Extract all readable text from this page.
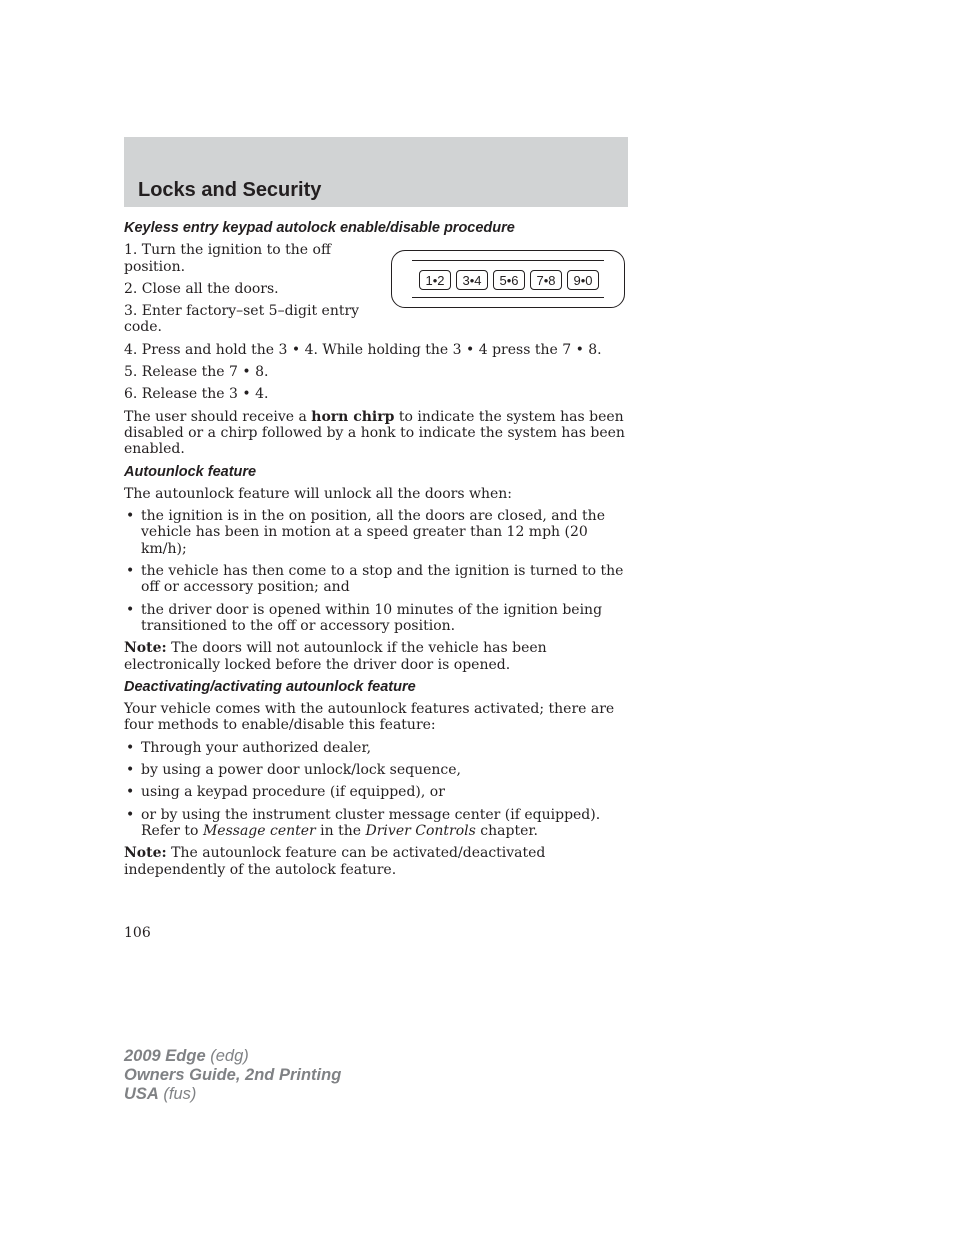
Locks and Security
1•2	3•4	5•6	7•8	9•0
Keyless entry keypad autolock enable/disable procedure

1. Turn the ignition to the off position.

2. Close all the doors.

3. Enter factory–set 5–digit entry code.

4. Press and hold the 3 • 4. While holding the 3 • 4 press the 7 • 8.

5. Release the 7 • 8.

6. Release the 3 • 4.

The user should receive a horn chirp to indicate the system has been disabled or a chirp followed by a honk to indicate the system has been enabled.

Autounlock feature

The autounlock feature will unlock all the doors when:

• the ignition is in the on position, all the doors are closed, and the vehicle has been in motion at a speed greater than 12 mph (20 km/h);

• the vehicle has then come to a stop and the ignition is turned to the off or accessory position; and

• the driver door is opened within 10 minutes of the ignition being transitioned to the off or accessory position.

Note: The doors will not autounlock if the vehicle has been electronically locked before the driver door is opened.

Deactivating/activating autounlock feature

Your vehicle comes with the autounlock features activated; there are four methods to enable/disable this feature:

• Through your authorized dealer,

• by using a power door unlock/lock sequence,

• using a keypad procedure (if equipped), or

• or by using the instrument cluster message center (if equipped). Refer to Message center in the Driver Controls chapter.

Note: The autounlock feature can be activated/deactivated independently of the autolock feature.

106
2009 Edge (edg)
Owners Guide, 2nd Printing
USA (fus)
